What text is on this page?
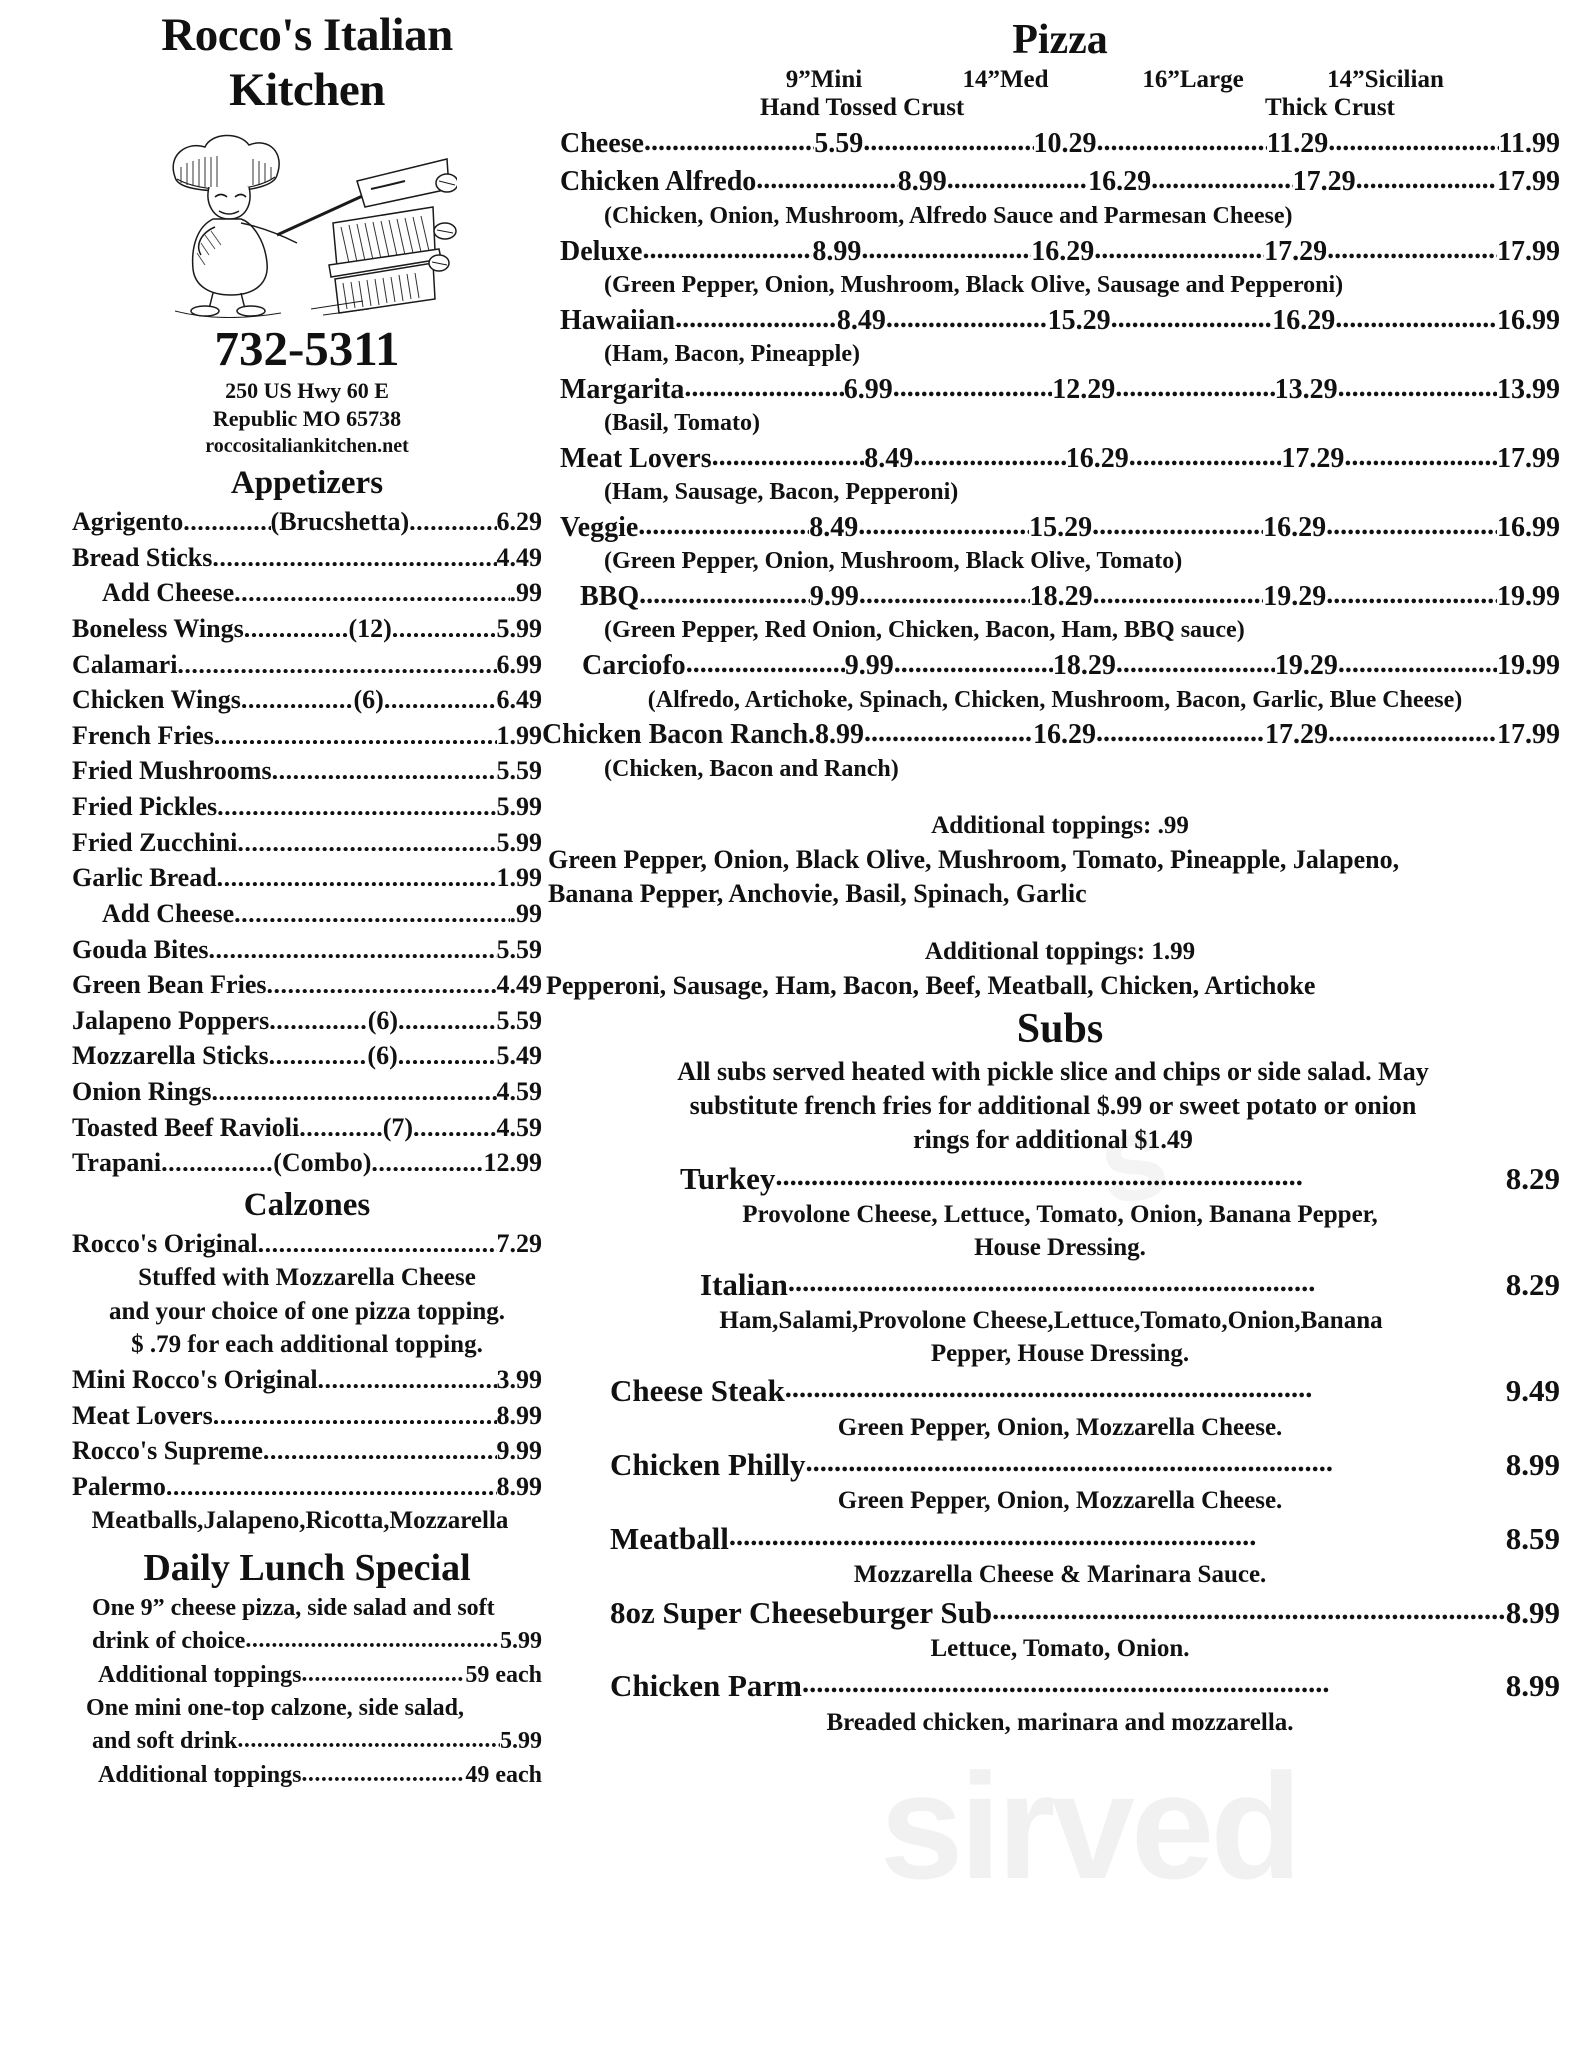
sirved
s
Rocco's Italian
Kitchen
732-5311
250 US Hwy 60 E
Republic MO 65738
roccositaliankitchen.net
Appetizers
Agrigento .....	(Brucshetta) .....	6.29
Bread Sticks .....	4.49
Add Cheese .....	.99
Boneless Wings .....	(12) .....	5.99
Calamari .....	6.99
Chicken Wings .....	(6) .....	6.49
French Fries .....	1.99
Fried Mushrooms .....	5.59
Fried Pickles .....	5.99
Fried Zucchini .....	5.99
Garlic Bread .....	1.99
Add Cheese .....	.99
Gouda Bites .....	5.59
Green Bean Fries .....	4.49
Jalapeno Poppers .....	(6) .....	5.59
Mozzarella Sticks .....	(6) .....	5.49
Onion Rings .....	4.59
Toasted Beef Ravioli .....	(7) .....	4.59
Trapani .....	(Combo) .....	12.99
Calzones
Rocco's Original .....	7.29
Stuffed with Mozzarella Cheese
and your choice of one pizza topping.
$ .79 for each additional topping.
Mini Rocco's Original .....	3.99
Meat Lovers .....	8.99
Rocco's Supreme .....	9.99
Palermo .....	8.99
Meatballs,Jalapeno,Ricotta,Mozzarella
Daily Lunch Special
One 9” cheese pizza, side salad and soft
drink of choice .....	5.99
Additional toppings .....	59 each
One mini one-top calzone, side salad,
and soft drink .....	5.99
Additional toppings .....	49 each
Pizza
9”Mini	14”Med	16”Large	14”Sicilian
Hand Tossed Crust	Thick Crust
Cheese .....	5.59 .....	10.29 .....	11.29 .....	11.99
Chicken Alfredo .....	8.99 .....	16.29 .....	17.29 .....	17.99
(Chicken, Onion, Mushroom, Alfredo Sauce and Parmesan Cheese)
Deluxe .....	8.99 .....	16.29 .....	17.29 .....	17.99
(Green Pepper, Onion, Mushroom, Black Olive, Sausage and Pepperoni)
Hawaiian .....	8.49 .....	15.29 .....	16.29 .....	16.99
(Ham, Bacon, Pineapple)
Margarita .....	6.99 .....	12.29 .....	13.29 .....	13.99
(Basil, Tomato)
Meat Lovers .....	8.49 .....	16.29 .....	17.29 .....	17.99
(Ham, Sausage, Bacon, Pepperoni)
Veggie .....	8.49 .....	15.29 .....	16.29 .....	16.99
(Green Pepper, Onion, Mushroom, Black Olive, Tomato)
BBQ .....	9.99 .....	18.29 .....	19.29 .....	19.99
(Green Pepper, Red Onion, Chicken, Bacon, Ham, BBQ sauce)
Carciofo .....	9.99 .....	18.29 .....	19.29 .....	19.99
(Alfredo, Artichoke, Spinach, Chicken, Mushroom, Bacon, Garlic, Blue Cheese)
Chicken Bacon Ranch. 8.99 .....	16.29 .....	17.29 .....	17.99
(Chicken, Bacon and Ranch)
Additional toppings: .99
Green Pepper, Onion, Black Olive, Mushroom, Tomato, Pineapple, Jalapeno,
Banana Pepper, Anchovie, Basil, Spinach, Garlic
Additional toppings: 1.99
Pepperoni, Sausage, Ham, Bacon, Beef, Meatball, Chicken, Artichoke
Subs
All subs served heated with pickle slice and chips or side salad. May
substitute french fries for additional $.99 or sweet potato or onion
rings for additional $1.49
Turkey .....	8.29
Provolone Cheese, Lettuce, Tomato, Onion, Banana Pepper,
House Dressing.
Italian .....	8.29
Ham,Salami,Provolone Cheese,Lettuce,Tomato,Onion,Banana
Pepper, House Dressing.
Cheese Steak .....	9.49
Green Pepper, Onion, Mozzarella Cheese.
Chicken Philly .....	8.99
Green Pepper, Onion, Mozzarella Cheese.
Meatball .....	8.59
Mozzarella Cheese & Marinara Sauce.
8oz Super Cheeseburger Sub .....	8.99
Lettuce, Tomato, Onion.
Chicken Parm .....	8.99
Breaded chicken, marinara and mozzarella.
